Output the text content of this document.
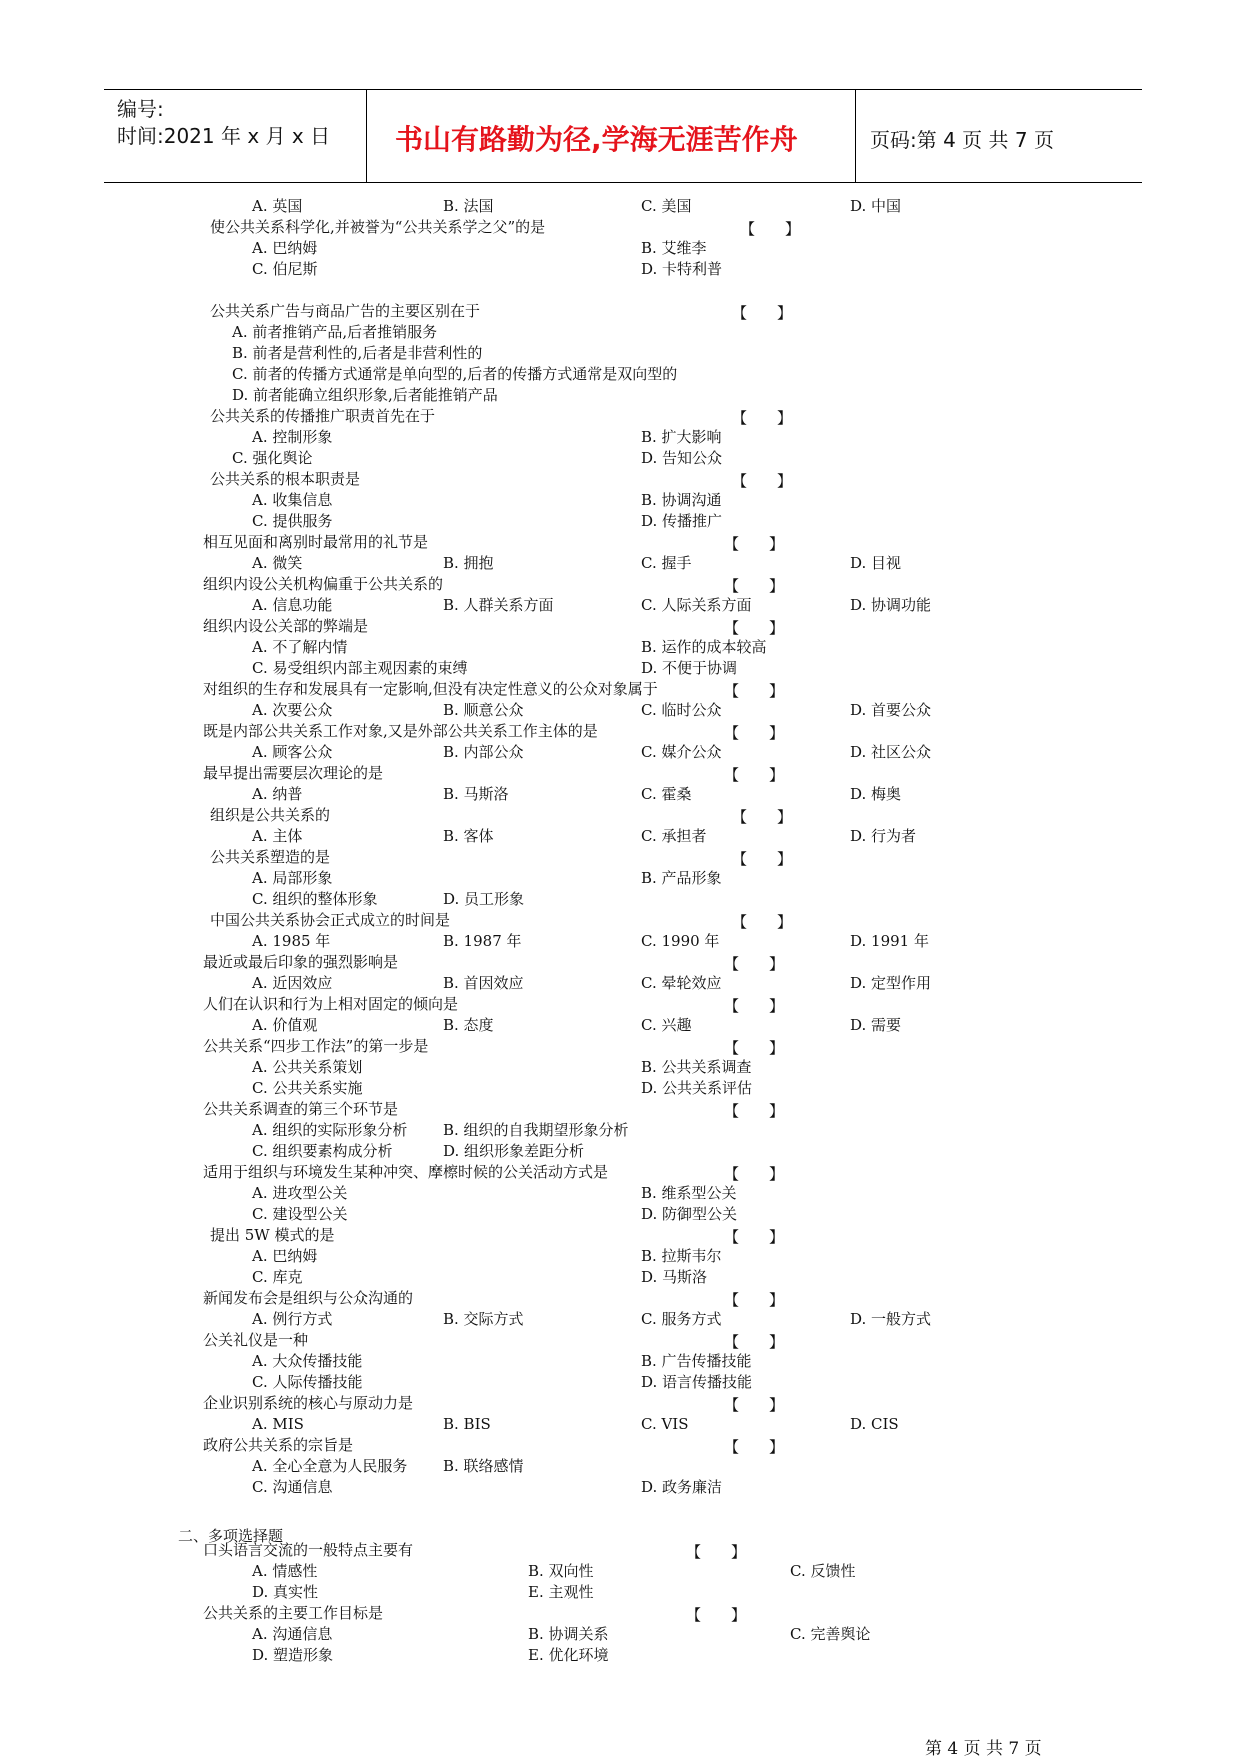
编号:
时间:2021 年 x 月 x 日 书山有路勤为径,学海无涯苦作舟	页码:第 4 页 共 7 页
A. 英国	B. 法国	C. 美国	D. 中国
使公共关系科学化,并被誉为“公共关系学之父”的是	【　　】
A. 巴纳姆	B. 艾维李
C. 伯尼斯	D. 卡特利普
公共关系广告与商品广告的主要区别在于	【　　】
A. 前者推销产品,后者推销服务
B. 前者是营利性的,后者是非营利性的
C. 前者的传播方式通常是单向型的,后者的传播方式通常是双向型的
D. 前者能确立组织形象,后者能推销产品
公共关系的传播推广职责首先在于	【　　】
A. 控制形象	B. 扩大影响
C. 强化舆论	D. 告知公众
公共关系的根本职责是	【　　】
A. 收集信息	B. 协调沟通
C. 提供服务	D. 传播推广
相互见面和离别时最常用的礼节是	【　　】
A. 微笑	B. 拥抱	C. 握手	D. 目视
组织内设公关机构偏重于公共关系的	【　　】
A. 信息功能	B. 人群关系方面	C. 人际关系方面	D. 协调功能
组织内设公关部的弊端是	【　　】
A. 不了解内情	B. 运作的成本较高
C. 易受组织内部主观因素的束缚	D. 不便于协调
对组织的生存和发展具有一定影响,但没有决定性意义的公众对象属于	【　　】
A. 次要公众	B. 顺意公众	C. 临时公众	D. 首要公众
既是内部公共关系工作对象,又是外部公共关系工作主体的是	【　　】
A. 顾客公众	B. 内部公众	C. 媒介公众	D. 社区公众
最早提出需要层次理论的是	【　　】
A. 纳普	B. 马斯洛	C. 霍桑	D. 梅奥
组织是公共关系的	【　　】
A. 主体	B. 客体	C. 承担者	D. 行为者
公共关系塑造的是	【　　】
A. 局部形象	B. 产品形象
C. 组织的整体形象	D. 员工形象
中国公共关系协会正式成立的时间是	【　　】
A. 1985 年	B. 1987 年	C. 1990 年	D. 1991 年
最近或最后印象的强烈影响是	【　　】
A. 近因效应	B. 首因效应	C. 晕轮效应	D. 定型作用
人们在认识和行为上相对固定的倾向是	【　　】
A. 价值观	B. 态度	C. 兴趣	D. 需要
公共关系“四步工作法”的第一步是	【　　】
A. 公共关系策划	B. 公共关系调查
C. 公共关系实施	D. 公共关系评估
公共关系调查的第三个环节是	【　　】
A. 组织的实际形象分析 B. 组织的自我期望形象分析
C. 组织要素构成分析	D. 组织形象差距分析
适用于组织与环境发生某种冲突、摩檫时候的公关活动方式是	【　　】
A. 进攻型公关	B. 维系型公关
C. 建设型公关	D. 防御型公关
提出 5W 模式的是	【　　】
A. 巴纳姆	B. 拉斯韦尔
C. 库克	D. 马斯洛
新闻发布会是组织与公众沟通的	【　　】
A. 例行方式	B. 交际方式	C. 服务方式	D. 一般方式
公关礼仪是一种	【　　】
A. 大众传播技能	B. 广告传播技能
C. 人际传播技能	D. 语言传播技能
企业识别系统的核心与原动力是	【　　】
A. MIS	B. BIS	C. VIS	D. CIS
政府公共关系的宗旨是	【　　】
A. 全心全意为人民服务 B. 联络感情
C. 沟通信息	D. 政务廉洁
口头语言交流的一般特点主要有	【　　】
A. 情感性	B. 双向性	C. 反馈性
D. 真实性	E. 主观性
公共关系的主要工作目标是	【　　】
A. 沟通信息	B. 协调关系	C. 完善舆论
D. 塑造形象	E. 优化环境
二、多项选择题
第 4 页 共 7 页
